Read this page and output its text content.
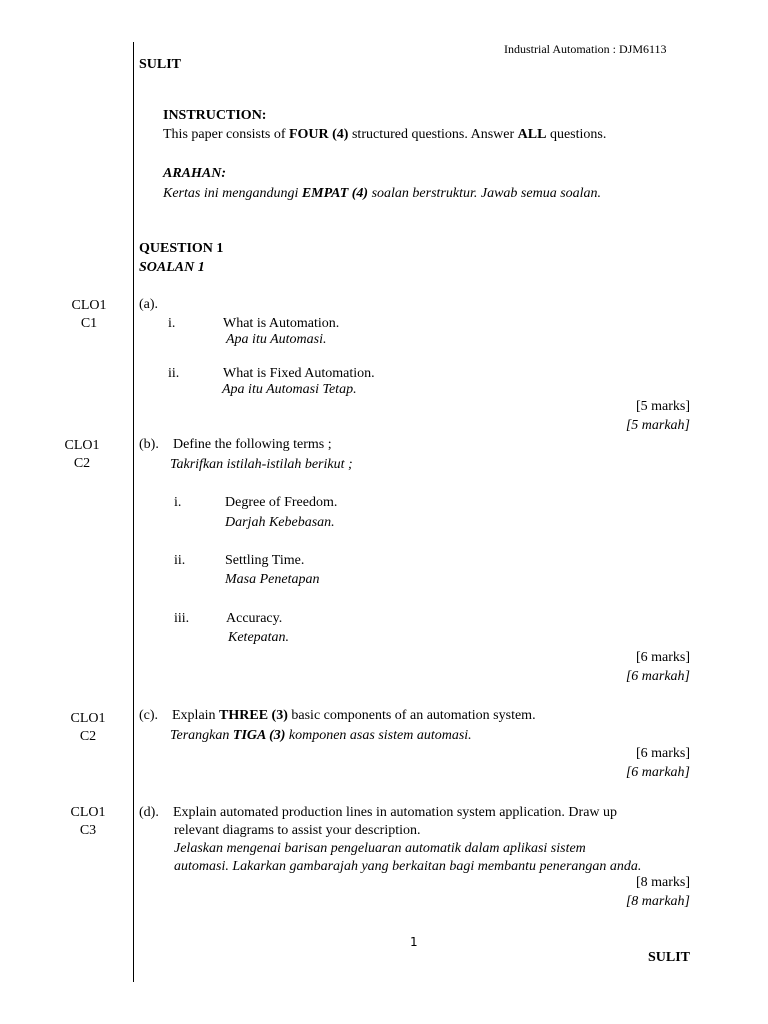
Industrial Automation : DJM6113
SULIT
INSTRUCTION:
This paper consists of FOUR (4) structured questions. Answer ALL questions.
ARAHAN:
Kertas ini mengandungi EMPAT (4) soalan berstruktur. Jawab semua soalan.
QUESTION 1
SOALAN 1
CLO1
C1
(a).
i.	What is Automation.
Apa itu Automasi.
ii.	What is Fixed Automation.
Apa itu Automasi Tetap.
[5 marks]
[5 markah]
CLO1
C2
(b). Define the following terms ;
Takrifkan istilah-istilah berikut ;
i.	Degree of Freedom.
Darjah Kebebasan.
ii.	Settling Time.
Masa Penetapan
iii.	Accuracy.
Ketepatan.
[6 marks]
[6 markah]
CLO1
C2
(c). Explain THREE (3) basic components of an automation system.
Terangkan TIGA (3) komponen asas sistem automasi.
[6 marks]
[6 markah]
CLO1
C3
(d). Explain automated production lines in automation system application. Draw up
relevant diagrams to assist your description.
Jelaskan mengenai barisan pengeluaran automatik dalam aplikasi sistem
automasi. Lakarkan gambarajah yang berkaitan bagi membantu penerangan anda.
[8 marks]
[8 markah]
1
SULIT
